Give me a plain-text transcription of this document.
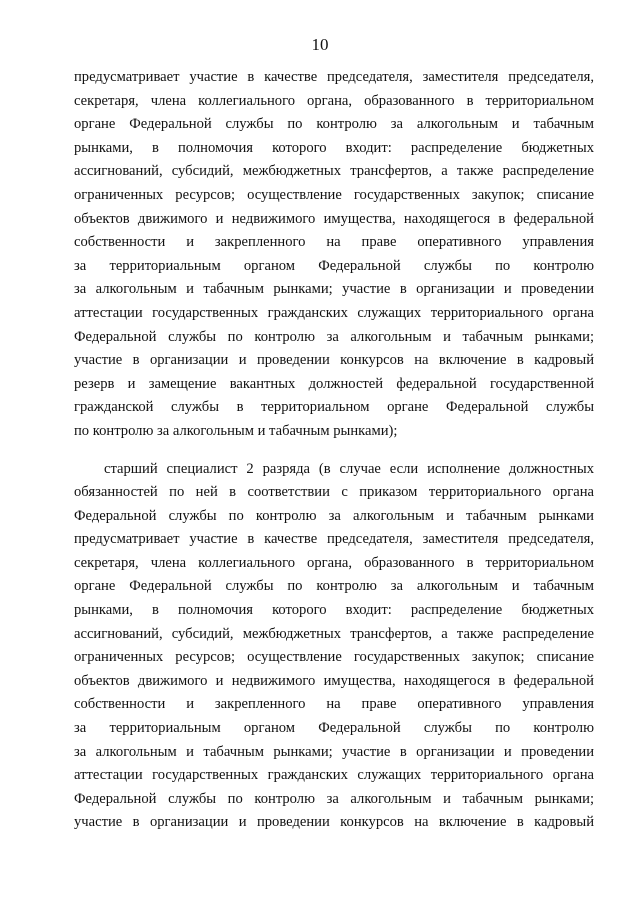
10
предусматривает участие в качестве председателя, заместителя председателя,
секретаря, члена коллегиального органа, образованного в территориальном
органе Федеральной службы по контролю за алкогольным и табачным
рынками, в полномочия которого входит: распределение бюджетных
ассигнований, субсидий, межбюджетных трансфертов, а также распределение
ограниченных ресурсов; осуществление государственных закупок; списание
объектов движимого и недвижимого имущества, находящегося в федеральной
собственности и закрепленного на праве оперативного управления
за территориальным органом Федеральной службы по контролю
за алкогольным и табачным рынками; участие в организации и проведении
аттестации государственных гражданских служащих территориального органа
Федеральной службы по контролю за алкогольным и табачным рынками;
участие в организации и проведении конкурсов на включение в кадровый
резерв и замещение вакантных должностей федеральной государственной
гражданской службы в территориальном органе Федеральной службы
по контролю за алкогольным и табачным рынками);
старший специалист 2 разряда (в случае если исполнение должностных
обязанностей по ней в соответствии с приказом территориального органа
Федеральной службы по контролю за алкогольным и табачным рынками
предусматривает участие в качестве председателя, заместителя председателя,
секретаря, члена коллегиального органа, образованного в территориальном
органе Федеральной службы по контролю за алкогольным и табачным
рынками, в полномочия которого входит: распределение бюджетных
ассигнований, субсидий, межбюджетных трансфертов, а также распределение
ограниченных ресурсов; осуществление государственных закупок; списание
объектов движимого и недвижимого имущества, находящегося в федеральной
собственности и закрепленного на праве оперативного управления
за территориальным органом Федеральной службы по контролю
за алкогольным и табачным рынками; участие в организации и проведении
аттестации государственных гражданских служащих территориального органа
Федеральной службы по контролю за алкогольным и табачным рынками;
участие в организации и проведении конкурсов на включение в кадровый
